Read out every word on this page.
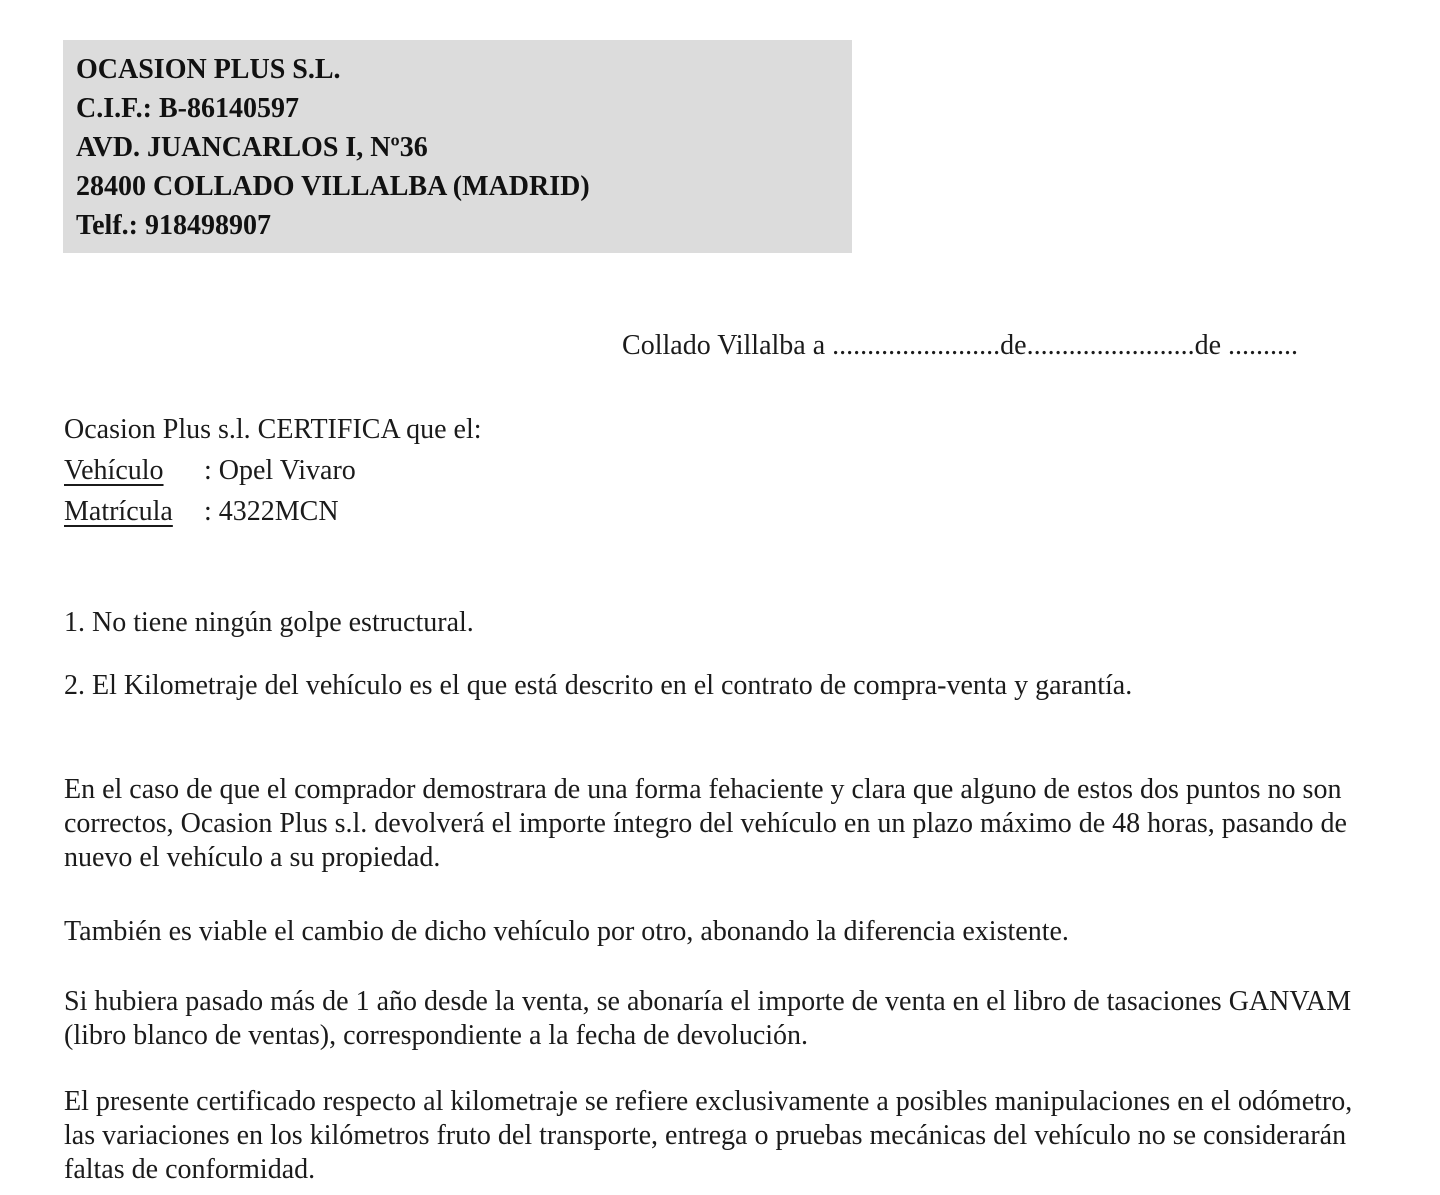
OCASION PLUS S.L.
C.I.F.: B-86140597
AVD. JUANCARLOS I, Nº36
28400 COLLADO VILLALBA (MADRID)
Telf.: 918498907
Collado Villalba a ........................de........................de ..........
Ocasion Plus s.l. CERTIFICA que el:
Vehículo : Opel Vivaro
Matrícula : 4322MCN
1. No tiene ningún golpe estructural.
2. El Kilometraje del vehículo es el que está descrito en el contrato de compra-venta y garantía.

En el caso de que el comprador demostrara de una forma fehaciente y clara que alguno de estos dos puntos no son correctos, Ocasion Plus s.l. devolverá el importe íntegro del vehículo en un plazo máximo de 48 horas, pasando de nuevo el vehículo a su propiedad.

También es viable el cambio de dicho vehículo por otro, abonando la diferencia existente.

Si hubiera pasado más de 1 año desde la venta, se abonaría el importe de venta en el libro de tasaciones GANVAM (libro blanco de ventas), correspondiente a la fecha de devolución.

El presente certificado respecto al kilometraje se refiere exclusivamente a posibles manipulaciones en el odómetro, las variaciones en los kilómetros fruto del transporte, entrega o pruebas mecánicas del vehículo no se considerarán faltas de conformidad.
